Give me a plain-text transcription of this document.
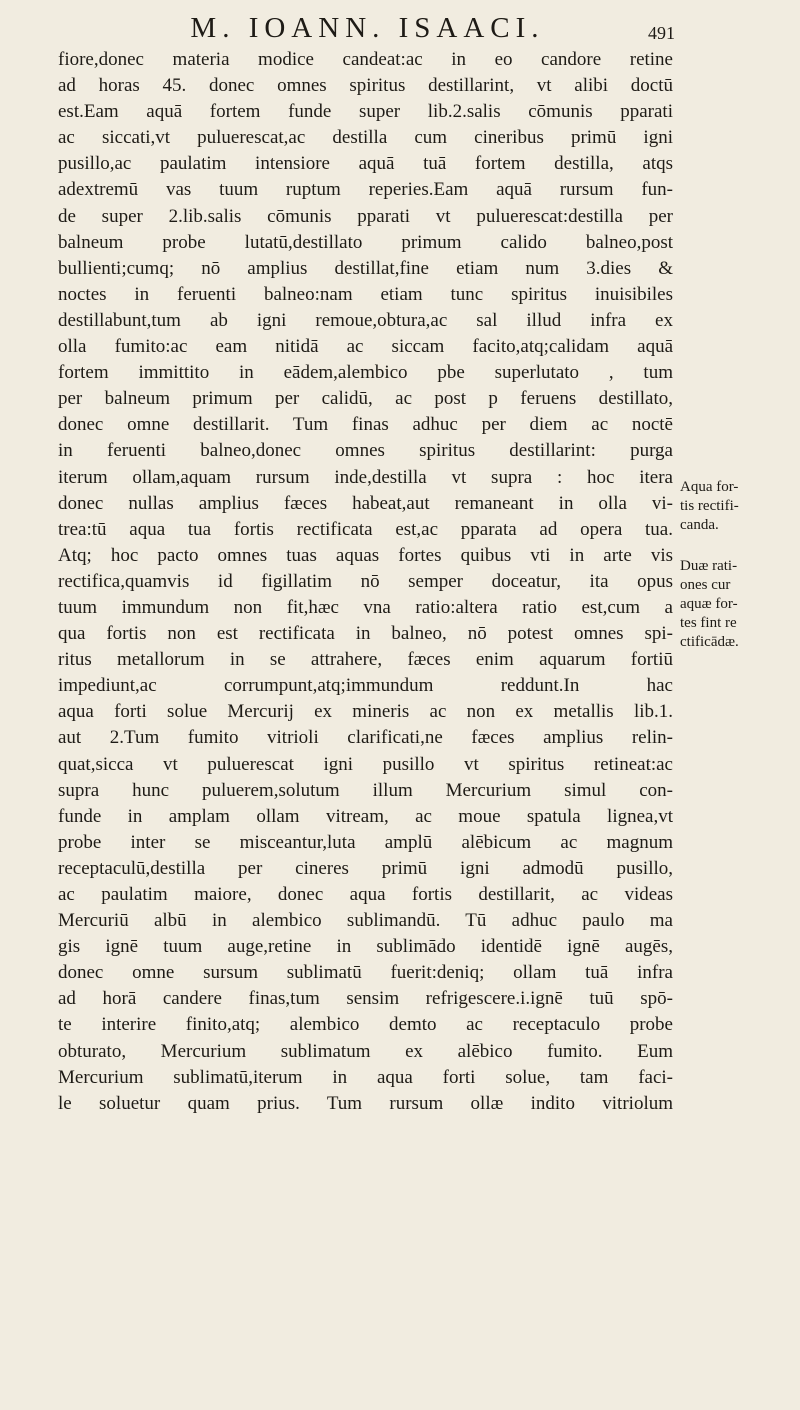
M. IOANN. ISAACI.	491
fiore,donec materia modice candeat:ac in eo candore retine
ad horas 45. donec omnes spiritus destillarint, vt alibi doctū
est.Eam aquā fortem funde super lib.2.salis cōmunis pparati
ac siccati,vt puluerescat,ac destilla cum cineribus primū igni
pusillo,ac paulatim intensiore aquā tuā fortem destilla, atqs
adextremū vas tuum ruptum reperies.Eam aquā rursum fun-
de super 2.lib.salis cōmunis pparati vt puluerescat:destilla per
balneum probe lutatū,destillato primum calido balneo,post
bullienti;cumq; nō amplius destillat,fine etiam num 3.dies &
noctes in feruenti balneo:nam etiam tunc spiritus inuisibiles
destillabunt,tum ab igni remoue,obtura,ac sal illud infra ex
olla fumito:ac eam nitidā ac siccam facito,atq;calidam aquā
fortem immittito in eādem,alembico pbe superlutato , tum
per balneum primum per calidū, ac post p feruens destillato,
donec omne destillarit. Tum finas adhuc per diem ac noctē
in feruenti balneo,donec omnes spiritus destillarint: purga
iterum ollam,aquam rursum inde,destilla vt supra : hoc itera
donec nullas amplius fæces habeat,aut remaneant in olla vi-
trea:tū aqua tua fortis rectificata est,ac pparata ad opera tua.
Atq; hoc pacto omnes tuas aquas fortes quibus vti in arte vis
rectifica,quamvis id figillatim nō semper doceatur, ita opus
tuum immundum non fit,hæc vna ratio:altera ratio est,cum a
qua fortis non est rectificata in balneo, nō potest omnes spi-
ritus metallorum in se attrahere, fæces enim aquarum fortiū
impediunt,ac corrumpunt,atq;immundum reddunt.In hac
aqua forti solue Mercurij ex mineris ac non ex metallis lib.1.
aut 2.Tum fumito vitrioli clarificati,ne fæces amplius relin-
quat,sicca vt puluerescat igni pusillo vt spiritus retineat:ac
supra hunc puluerem,solutum illum Mercurium simul con-
funde in amplam ollam vitream, ac moue spatula lignea,vt
probe inter se misceantur,luta amplū alēbicum ac magnum
receptaculū,destilla per cineres primū igni admodū pusillo,
ac paulatim maiore, donec aqua fortis destillarit, ac videas
Mercuriū albū in alembico sublimandū. Tū adhuc paulo ma
gis ignē tuum auge,retine in sublimādo identidē ignē augēs,
donec omne sursum sublimatū fuerit:deniq; ollam tuā infra
ad horā candere finas,tum sensim refrigescere.i.ignē tuū spō-
te interire finito,atq; alembico demto ac receptaculo probe
obturato, Mercurium sublimatum ex alēbico fumito. Eum
Mercurium sublimatū,iterum in aqua forti solue, tam faci-
le soluetur quam prius. Tum rursum ollæ indito vitriolum
Aqua for-
tis rectifi-
canda.
Duæ rati-
ones cur
aquæ for-
tes fint re
ctificādæ.
